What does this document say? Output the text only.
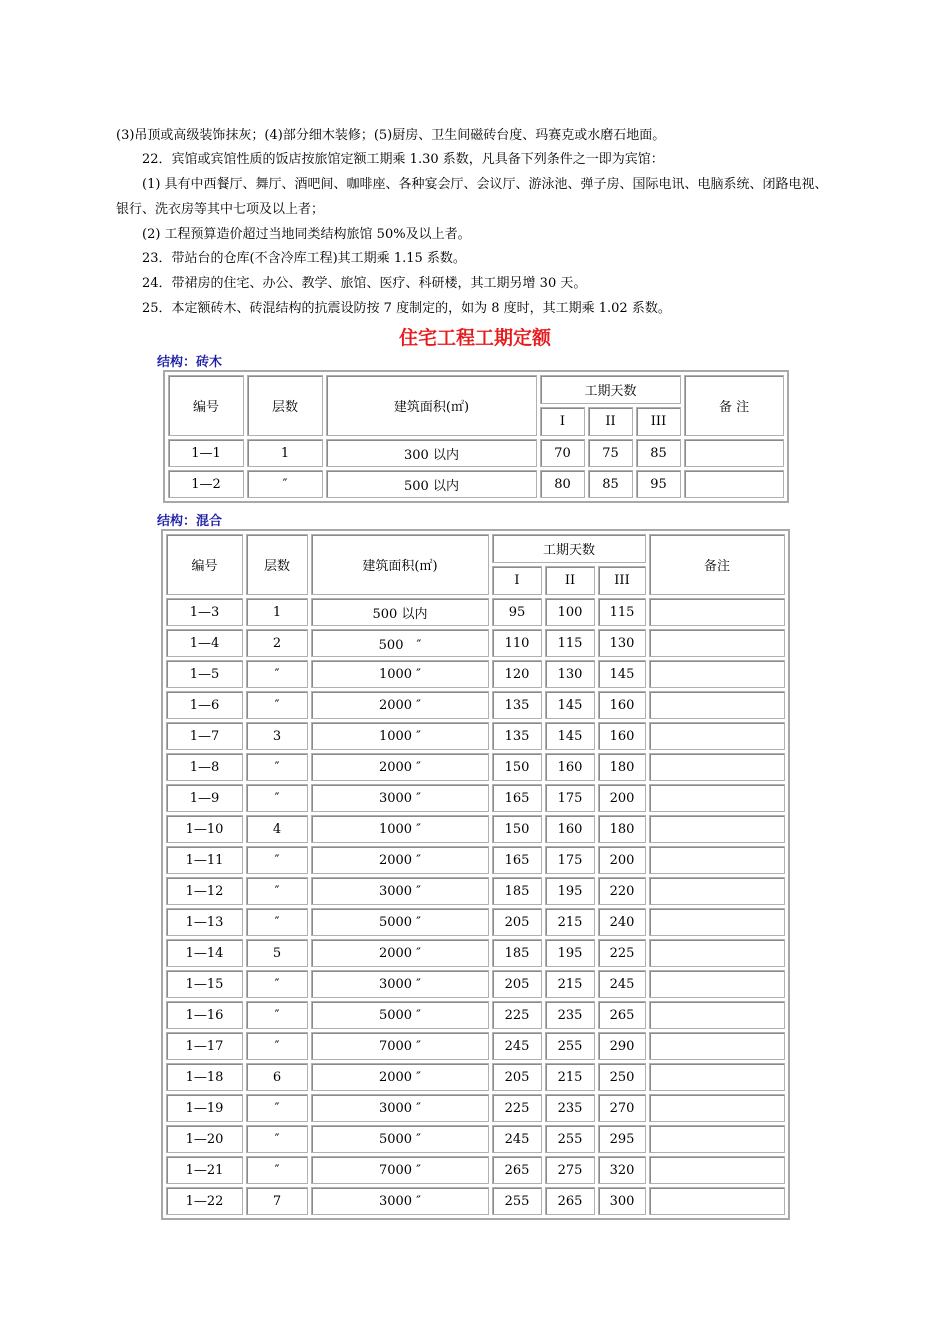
(3)吊顶或高级装饰抹灰；(4)部分细木装修；(5)厨房、卫生间磁砖台度、玛赛克或水磨石地面。
　　22．宾馆或宾馆性质的饭店按旅馆定额工期乘 1.30 系数，凡具备下列条件之一即为宾馆：
　　(1) 具有中西餐厅、舞厅、酒吧间、咖啡座、各种宴会厅、会议厅、游泳池、弹子房、国际电讯、电脑系统、闭路电视、
银行、洗衣房等其中七项及以上者；
　　(2) 工程预算造价超过当地同类结构旅馆 50%及以上者。
　　23．带站台的仓库(不含冷库工程)其工期乘 1.15 系数。
　　24．带裙房的住宅、办公、教学、旅馆、医疗、科研楼，其工期另增 30 天。
　　25．本定额砖木、砖混结构的抗震设防按 7 度制定的，如为 8 度时，其工期乘 1.02 系数。
住宅工程工期定额
结构：砖木
编号	层数	建筑面积(㎡)	工期天数			备 注
			I	II	III	
1—1	1	300 以内	70	75	85	
1—2	″	500 以内	80	85	95	
结构：混合
编号	层数	建筑面积(㎡)	工期天数			备注
			I	II	III	
1—3	1	500 以内	95	100	115	
1—4	2	500　″	110	115	130	
1—5	″	1000 ″	120	130	145	
1—6	″	2000 ″	135	145	160	
1—7	3	1000 ″	135	145	160	
1—8	″	2000 ″	150	160	180	
1—9	″	3000 ″	165	175	200	
1—10	4	1000 ″	150	160	180	
1—11	″	2000 ″	165	175	200	
1—12	″	3000 ″	185	195	220	
1—13	″	5000 ″	205	215	240	
1—14	5	2000 ″	185	195	225	
1—15	″	3000 ″	205	215	245	
1—16	″	5000 ″	225	235	265	
1—17	″	7000 ″	245	255	290	
1—18	6	2000 ″	205	215	250	
1—19	″	3000 ″	225	235	270	
1—20	″	5000 ″	245	255	295	
1—21	″	7000 ″	265	275	320	
1—22	7	3000 ″	255	265	300	
